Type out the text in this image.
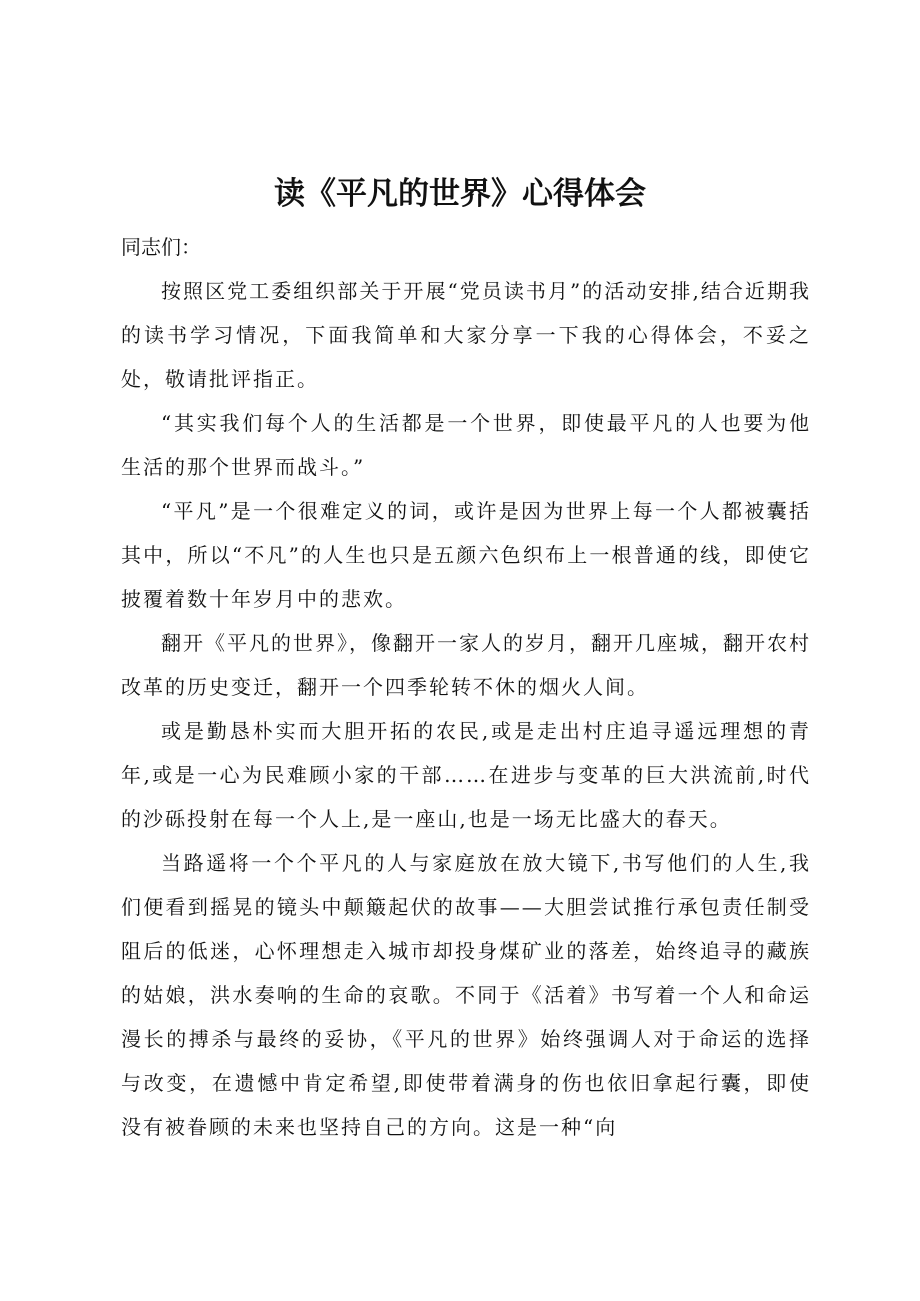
读《平凡的世界》心得体会

同志们：

按照区党工委组织部关于开展“党员读书月”的活动安排,结合近期我的读书学习情况，下面我简单和大家分享一下我的心得体会，不妥之处，敬请批评指正。

“其实我们每个人的生活都是一个世界，即使最平凡的人也要为他生活的那个世界而战斗。”

“平凡”是一个很难定义的词，或许是因为世界上每一个人都被囊括其中，所以“不凡”的人生也只是五颜六色织布上一根普通的线，即使它披覆着数十年岁月中的悲欢。

翻开《平凡的世界》，像翻开一家人的岁月，翻开几座城，翻开农村改革的历史变迁，翻开一个四季轮转不休的烟火人间。

或是勤恳朴实而大胆开拓的农民,或是走出村庄追寻遥远理想的青年,或是一心为民难顾小家的干部……在进步与变革的巨大洪流前,时代的沙砾投射在每一个人上,是一座山,也是一场无比盛大的春天。

当路遥将一个个平凡的人与家庭放在放大镜下,书写他们的人生,我们便看到摇晃的镜头中颠簸起伏的故事——大胆尝试推行承包责任制受阻后的低迷，心怀理想走入城市却投身煤矿业的落差，始终追寻的藏族的姑娘，洪水奏响的生命的哀歌。不同于《活着》书写着一个人和命运漫长的搏杀与最终的妥协，《平凡的世界》始终强调人对于命运的选择与改变，在遗憾中肯定希望,即使带着满身的伤也依旧拿起行囊，即使没有被眷顾的未来也坚持自己的方向。这是一种“向
